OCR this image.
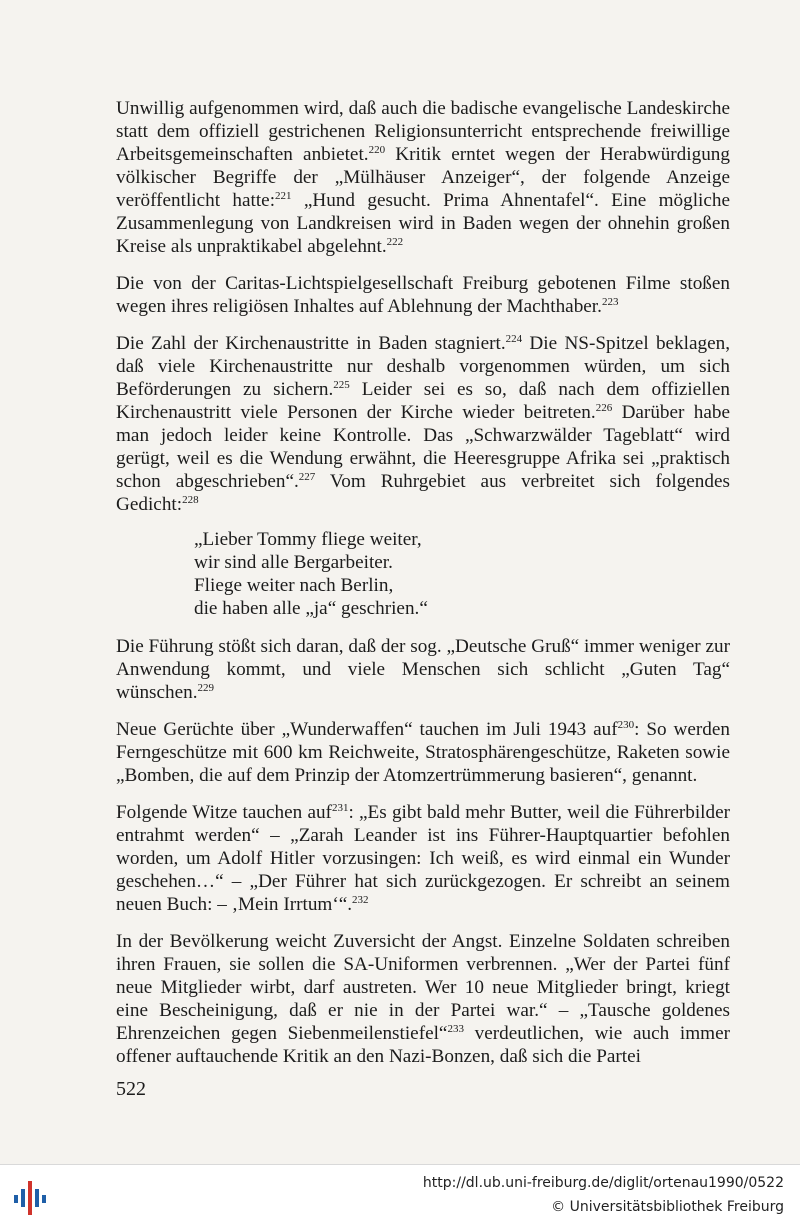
Unwillig aufgenommen wird, daß auch die badische evangelische Landeskirche statt dem offiziell gestrichenen Religionsunterricht entsprechende freiwillige Arbeitsgemeinschaften anbietet.$^{220}$ Kritik erntet wegen der Herabwürdigung völkischer Begriffe der „Mülhäuser Anzeiger“, der folgende Anzeige veröffentlicht hatte:$^{221}$ „Hund gesucht. Prima Ahnentafel“. Eine mögliche Zusammenlegung von Landkreisen wird in Baden wegen der ohnehin großen Kreise als unpraktikabel abgelehnt.$^{222}$

Die von der Caritas-Lichtspielgesellschaft Freiburg gebotenen Filme stoßen wegen ihres religiösen Inhaltes auf Ablehnung der Machthaber.$^{223}$

Die Zahl der Kirchenaustritte in Baden stagniert.$^{224}$ Die NS-Spitzel beklagen, daß viele Kirchenaustritte nur deshalb vorgenommen würden, um sich Beförderungen zu sichern.$^{225}$ Leider sei es so, daß nach dem offiziellen Kirchenaustritt viele Personen der Kirche wieder beitreten.$^{226}$ Darüber habe man jedoch leider keine Kontrolle. Das „Schwarzwälder Tageblatt“ wird gerügt, weil es die Wendung erwähnt, die Heeresgruppe Afrika sei „praktisch schon abgeschrieben“.$^{227}$ Vom Ruhrgebiet aus verbreitet sich folgendes Gedicht:$^{228}$

„Lieber Tommy fliege weiter,
wir sind alle Bergarbeiter.
Fliege weiter nach Berlin,
die haben alle „ja“ geschrien.“

Die Führung stößt sich daran, daß der sog. „Deutsche Gruß“ immer weniger zur Anwendung kommt, und viele Menschen sich schlicht „Guten Tag“ wünschen.$^{229}$

Neue Gerüchte über „Wunderwaffen“ tauchen im Juli 1943 auf$^{230}$: So werden Ferngeschütze mit 600 km Reichweite, Stratosphärengeschütze, Raketen sowie „Bomben, die auf dem Prinzip der Atomzertrümmerung basieren“, genannt.

Folgende Witze tauchen auf$^{231}$: „Es gibt bald mehr Butter, weil die Führerbilder entrahmt werden“ – „Zarah Leander ist ins Führer-Hauptquartier befohlen worden, um Adolf Hitler vorzusingen: Ich weiß, es wird einmal ein Wunder geschehen…“ – „Der Führer hat sich zurückgezogen. Er schreibt an seinem neuen Buch: – ‚Mein Irrtum‘“.$^{232}$

In der Bevölkerung weicht Zuversicht der Angst. Einzelne Soldaten schreiben ihren Frauen, sie sollen die SA-Uniformen verbrennen. „Wer der Partei fünf neue Mitglieder wirbt, darf austreten. Wer 10 neue Mitglieder bringt, kriegt eine Bescheinigung, daß er nie in der Partei war.“ – „Tausche goldenes Ehrenzeichen gegen Siebenmeilenstiefel“$^{233}$ verdeutlichen, wie auch immer offener auftauchende Kritik an den Nazi-Bonzen, daß sich die Partei

522
http://dl.ub.uni-freiburg.de/diglit/ortenau1990/0522
© Universitätsbibliothek Freiburg
